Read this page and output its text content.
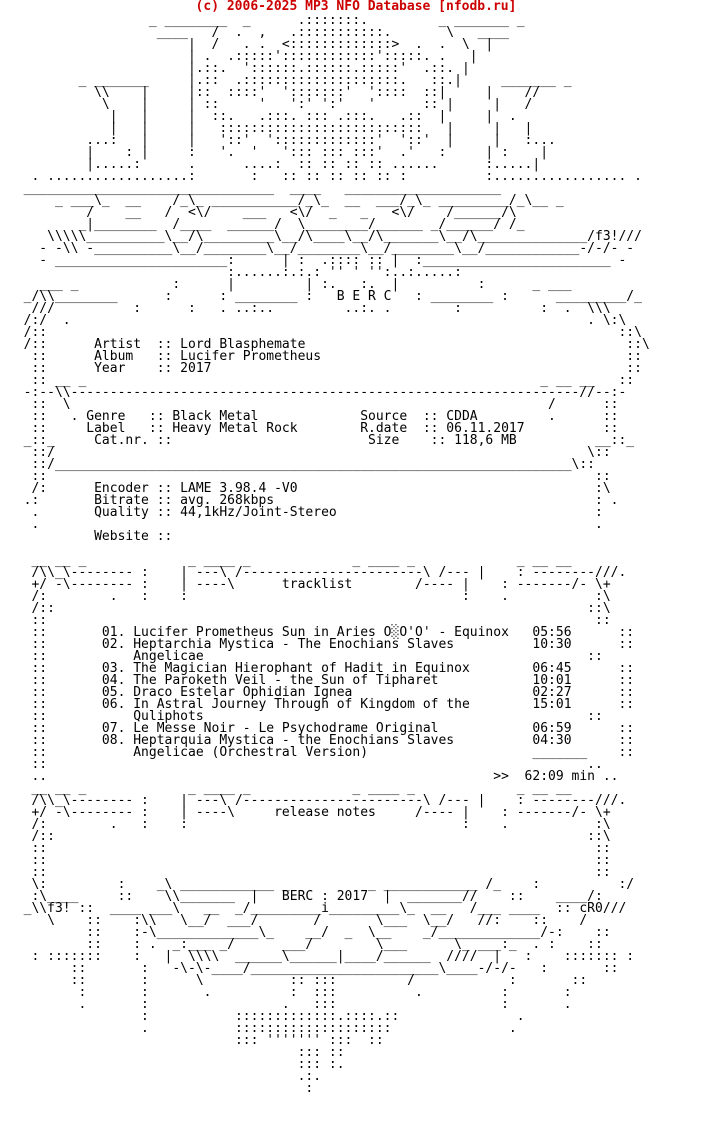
(c) 2006-2025 MP3 NFO Database [nfodb.ru]
_ ________  _      .:::::::.         _ _______ _
____   /  .  ,   .:::::::::::.       \   ____
|  /   . .  <:::::::::::::>  .  .  \  |
| .  .:::::'::::::::::::':::::. .   |
|.::.  '::::::.::::::.:::::'  .::. |
_ _______     |.::  .::::::::::::::::::::.   ::.|     _______ _
\\    |     |::  ::::'  ':::::::'  '::::  ::|     |    //
\    |     | ::     '   ':' ':'   '      :: |     |   /
|   |     |  ::.   .:::. ::: .:::.   .::  |     |  .
|   |     |   ::::::::::::::::::::::::::   |     |   |
...:   |     |   '::'  ':::::::::::::'  '::'  |     |   :...
|    : |     :   '.  '   '::: ::: :::'  .'   :     | :    |
|.....:      .      ....:  :: :: :: :: ......      :.....|
. ..................:       :   :: :: :: :: :: :          :................. .
________________________________  ____   ____________________
_ ___\_  __    /_\_ ___________/_\_  __  ___/_\_ _________/_\__ _
/    __   /  <\/    ___   <\/  _   _   <\/    /______/\
_|________  /____  ______/  \________/______ _/______/ /_
\\\\\__________\__/\_________\__/\____\__/\_______\__/\______________/f3!///
- -\\ -__________\__/________\__/________\__/________\__/____________-/-/- -
- ______________________:      | :  .:::: :: |  :________________________ -
:......:.:.: '' ' '':..:.....:
___ _            :      |         | :.   :.  |          :      _ ___
_/\\________      :      : ________ :   B E R C   : ________ :      _________/_
///          :      :   . ..:..         ..:. .        :          :  .  \\\
/:/  .                                                                  . \:\
/::                                                                         ::\
/::      Artist  :: Lord Blasphemate                                         ::\
::      Album   :: Lucifer Prometheus                                       ::
::      Year    :: 2017                                                     ::
:: __ _                                                          _ __ __   ::
-:--\\-----------------------------------------------------------------//--:-
::  \                                                             /      ::
::   . Genre   :: Black Metal             Source  :: CDDA         .      ::
::     Label   :: Heavy Metal Rock        R.date  :: 06.11.2017          ::
_::_     Cat.nr. ::                         Size    :: 118,6 MB          __::_
::/                                                                    \::
::/__________________________________________________________________\::
::                                                                      ::
/:      Encoder :: LAME 3.98.4 -V0                                      :\
.:       Bitrate :: avg. 268kbps                                         : .
.       Quality :: 44,1kHz/Joint-Stereo                                 :
.                                                                       .
Website ::

__ __ _             _ ____ _             _ ____ _             _ __ __
/\\_\-------- :    | ---\ /-----------------------\ /--- |    : --------///.
+/ -\-------- :    | ----\      tracklist        /---- |    : -------/- \+
/:        .   :    :                                   :    .           :\
/::                                                                    ::\
::                                                                      ::
::       01. Lucifer Prometheus Sun in Aries O░O'O' - Equinox   05:56      ::
::       02. Heptarchia Mystica - The Enochians Slaves          10:30      ::
::           Angelicae                                                 ::
::       03. The Magician Hierophant of Hadit in Equinox        06:45      ::
::       04. The Paroketh Veil - the Sun of Tipharet            10:01      ::
::       05. Draco Estelar Ophidian Ignea                       02:27      ::
::       06. In Astral Journey Through of Kingdom of the        15:01      ::
::           Quliphots                                                 ::
::       07. Le Messe Noir - Le Psychodrame Original            06:59      ::
::       08. Heptarquia Mystica - the Enochians Slaves          04:30      ::
::           Angelicae (Orchestral Version)                     _______    ::
::                                                                     ..
..                                                         >>  62:09 min ..
__ __ _             _ ____ _             _ ____ _             _ __ __
/\\_\-------- :    | ---\ /-----------------------\ /--- |    : --------///.
+/ -\-------- :    | ----\     release notes     /---- |    : -------/- \+
/:        .   :    :                                   :    .           :\
/::                                                                    ::\
::                                                                      ::
::                                                                      ::
::                                                                      ::
\:         :    _\ ____________ _          _ ____________ /_    :          :/
:\____     ::    \\_______  |   BERC : 2017  |  _______//    ::    ____/:
_\\f3! ::  ____ ___\   __  _/_________i_________\_  __   /___ ____  :: cR0///
\    ::    :\\   \__/  ___/       /       \___  \__/   //:    ::    /
::    :-\_____________\_    __/  _  \__    _/_____________/-:    ::
::    : .  _:___ _/      ___/        \___      \_ ___:_  . :    ::
: :::::::    :   |  \\\\  ______\______|____/______  ////  |   :    ::::::: :
::       :   -\-\-____/________________________\____-/-/-   :       ::
::       :      \           :: :::         /            :       ::
:       :       .          :  :::          .          :       :
.       :                 .   :::                     :       .
:           :::::::::::::.::::.::               .
.           ::::::::::::::::::::               .
::: ''''''' :::  ::
::: ::
::: :.
.:.
:
